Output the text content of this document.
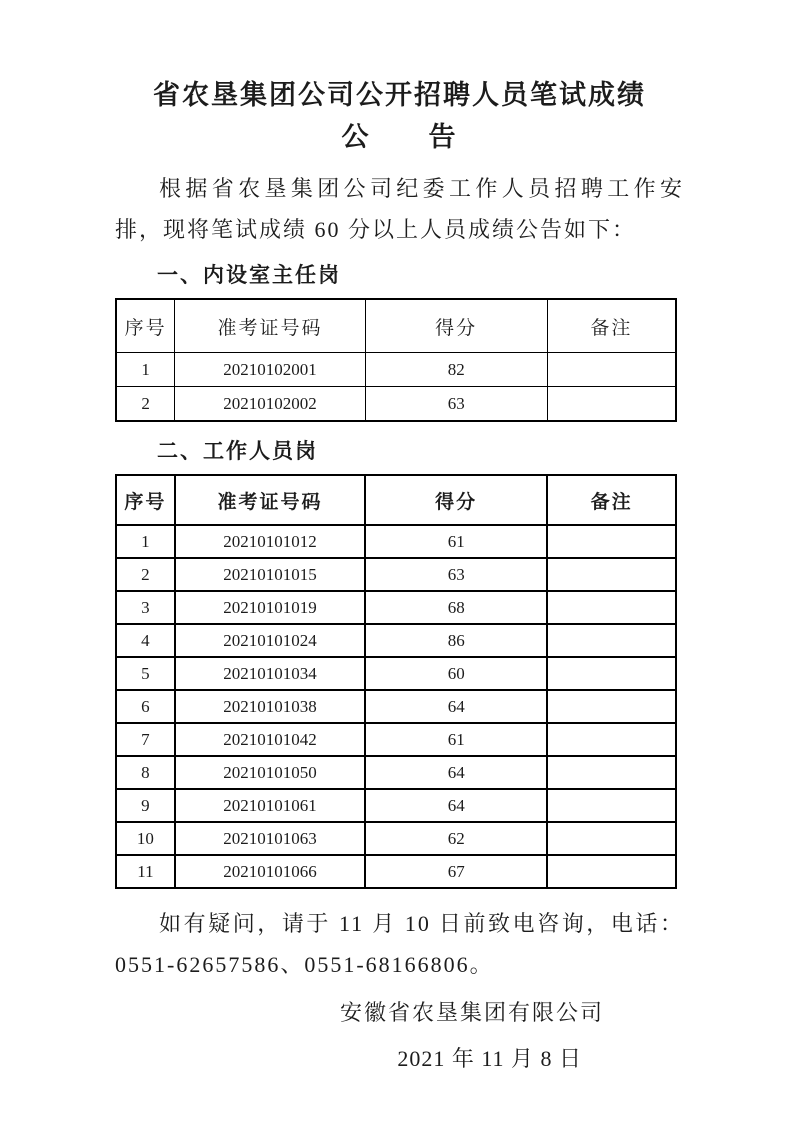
省农垦集团公司公开招聘人员笔试成绩
公　　告

根据省农垦集团公司纪委工作人员招聘工作安排，现将笔试成绩 60 分以上人员成绩公告如下：

一、内设室主任岗
序号	准考证号码	得分	备注
1	20210102001	82	
2	20210102002	63	
二、工作人员岗
序号	准考证号码	得分	备注
1	20210101012	61	
2	20210101015	63	
3	20210101019	68	
4	20210101024	86	
5	20210101034	60	
6	20210101038	64	
7	20210101042	61	
8	20210101050	64	
9	20210101061	64	
10	20210101063	62	
11	20210101066	67	

如有疑问，请于 11 月 10 日前致电咨询，电话：0551-62657586、0551-68166806。

安徽省农垦集团有限公司

2021 年 11 月 8 日
